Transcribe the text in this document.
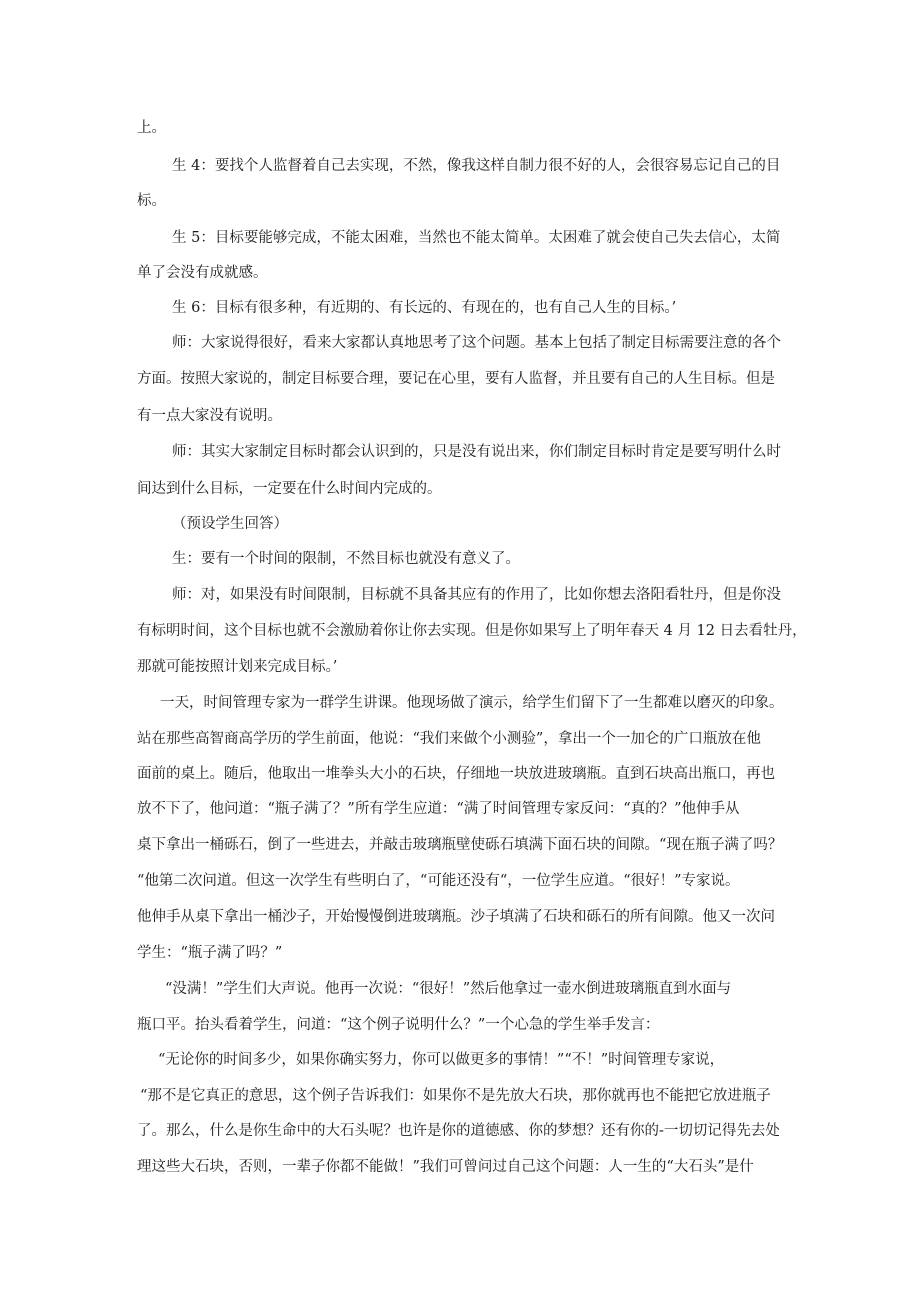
上。

生 4：要找个人监督着自己去实现，不然，像我这样自制力很不好的人，会很容易忘记自己的目

标。

生 5：目标要能够完成，不能太困难，当然也不能太简单。太困难了就会使自己失去信心，太简

单了会没有成就感。

生 6：目标有很多种，有近期的、有长远的、有现在的，也有自己人生的目标。’

师：大家说得很好，看来大家都认真地思考了这个问题。基本上包括了制定目标需要注意的各个

方面。按照大家说的，制定目标要合理，要记在心里，要有人监督，并且要有自己的人生目标。但是

有一点大家没有说明。

师：其实大家制定目标时都会认识到的，只是没有说出来，你们制定目标时肯定是要写明什么时

间达到什么目标，一定要在什么时间内完成的。

（预设学生回答）

生：要有一个时间的限制，不然目标也就没有意义了。

师：对，如果没有时间限制，目标就不具备其应有的作用了，比如你想去洛阳看牡丹，但是你没

有标明时间，这个目标也就不会激励着你让你去实现。但是你如果写上了明年春天 4 月 12 日去看牡丹，

那就可能按照计划来完成目标。’

一天，时间管理专家为一群学生讲课。他现场做了演示，给学生们留下了一生都难以磨灭的印象。

站在那些高智商高学历的学生前面，他说：“我们来做个小测验”，拿出一个一加仑的广口瓶放在他

面前的桌上。随后，他取出一堆拳头大小的石块，仔细地一块放进玻璃瓶。直到石块高出瓶口，再也

放不下了，他问道：“瓶子满了？”所有学生应道：“满了时间管理专家反问：“真的？”他伸手从

桌下拿出一桶砾石，倒了一些进去，并敲击玻璃瓶壁使砾石填满下面石块的间隙。“现在瓶子满了吗？

“他第二次问道。但这一次学生有些明白了，“可能还没有“，一位学生应道。“很好！”专家说。

他伸手从桌下拿出一桶沙子，开始慢慢倒进玻璃瓶。沙子填满了石块和砾石的所有间隙。他又一次问

学生：“瓶子满了吗？”

“没满！”学生们大声说。他再一次说：“很好！”然后他拿过一壶水倒进玻璃瓶直到水面与

瓶口平。抬头看着学生，问道：“这个例子说明什么？”一个心急的学生举手发言：

“无论你的时间多少，如果你确实努力，你可以做更多的事情！”“不！”时间管理专家说，

“那不是它真正的意思，这个例子告诉我们：如果你不是先放大石块，那你就再也不能把它放进瓶子

了。那么，什么是你生命中的大石头呢？也许是你的道德感、你的梦想？还有你的-一切切记得先去处

理这些大石块，否则，一辈子你都不能做！”我们可曾问过自己这个问题：人一生的“大石头”是什
